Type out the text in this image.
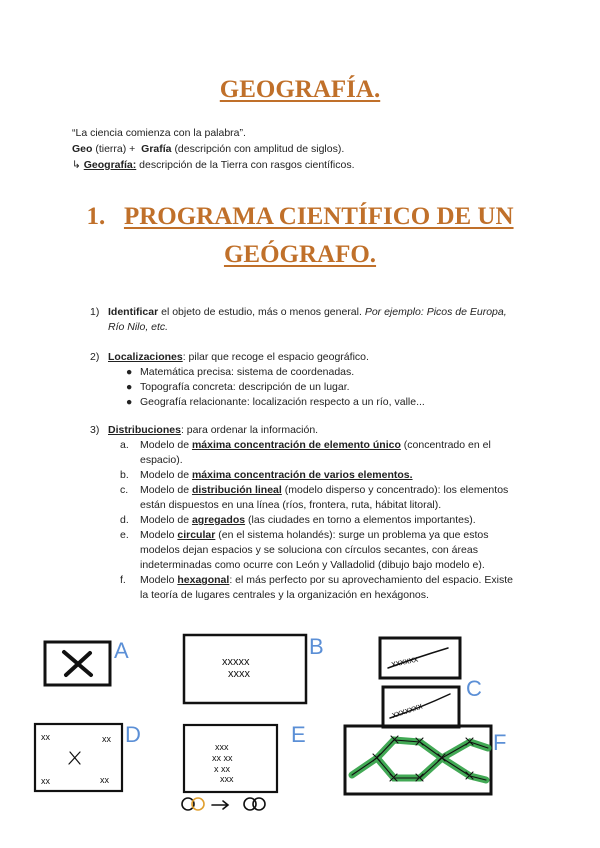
GEOGRAFÍA.
“La ciencia comienza con la palabra”.
Geo (tierra) + Grafía (descripción con amplitud de siglos).
↳ Geografía: descripción de la Tierra con rasgos científicos.
1. PROGRAMA CIENTÍFICO DE UN
GEÓGRAFO.
1) Identificar el objeto de estudio, más o menos general. Por ejemplo: Picos de Europa, Río Nilo, etc.
2) Localizaciones: pilar que recoge el espacio geográfico.
● Matemática precisa: sistema de coordenadas.
● Topografía concreta: descripción de un lugar.
● Geografía relacionante: localización respecto a un río, valle...
3) Distribuciones: para ordenar la información.
a.	Modelo de máxima concentración de elemento único (concentrado en el espacio).
b.	Modelo de máxima concentración de varios elementos.
c.	Modelo de distribución lineal (modelo disperso y concentrado): los elementos están dispuestos en una línea (ríos, frontera, ruta, hábitat litoral).
d.	Modelo de agregados (las ciudades en torno a elementos importantes).
e.	Modelo circular (en el sistema holandés): surge un problema ya que estos modelos dejan espacios y se soluciona con círculos secantes, con áreas indeterminadas como ocurre con León y Valladolid (dibujo bajo modelo e).
f.	Modelo hexagonal: el más perfecto por su aprovechamiento del espacio. Existe la teoría de lugares centrales y la organización en hexágonos.
xxxxx
xxxx
xxxxxx
xxxxxxx
xx	xx
xx	xx
xxx
xx xx
x xx
xxx
A	B
C
D	E	F
